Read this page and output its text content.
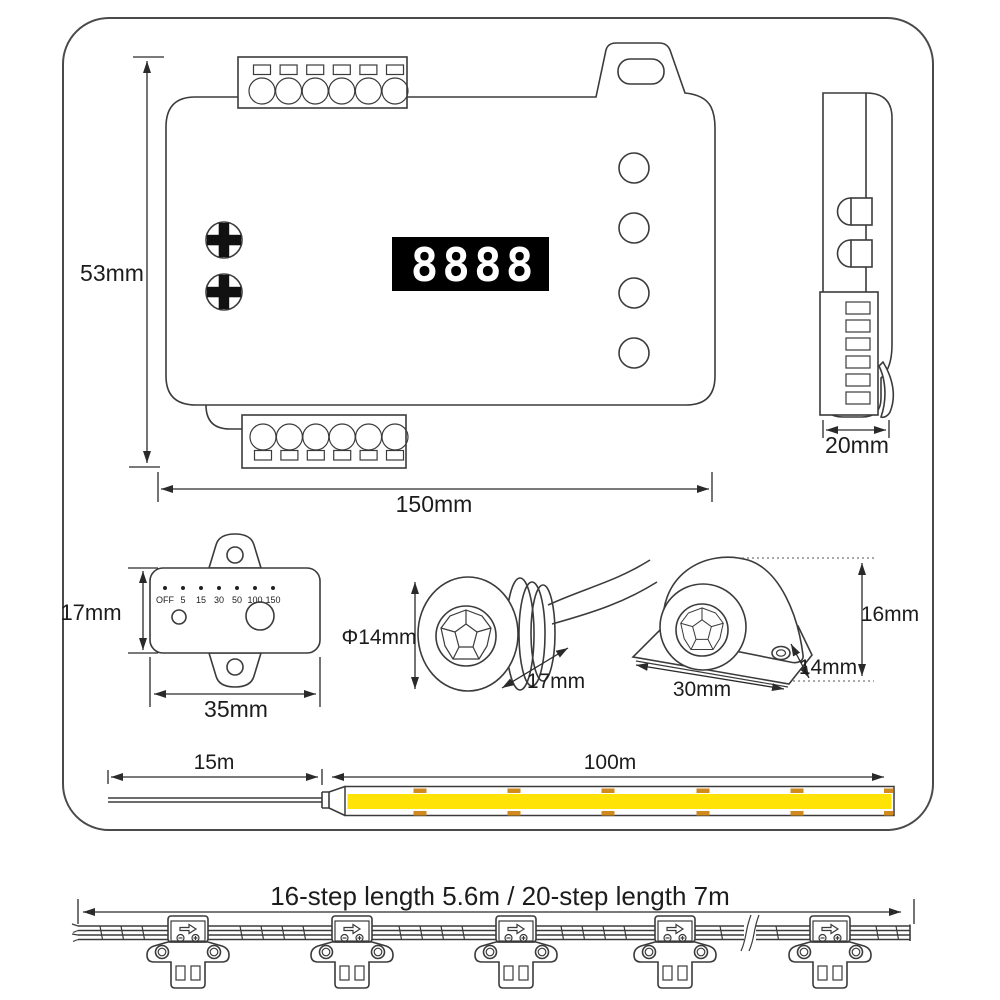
8888
53mm
150mm
20mm
OFF 5 15 30 50 100 150
17mm
35mm
Φ14mm
17mm
16mm
14mm
30mm
15m	100m
16-step length 5.6m / 20-step length 7m
